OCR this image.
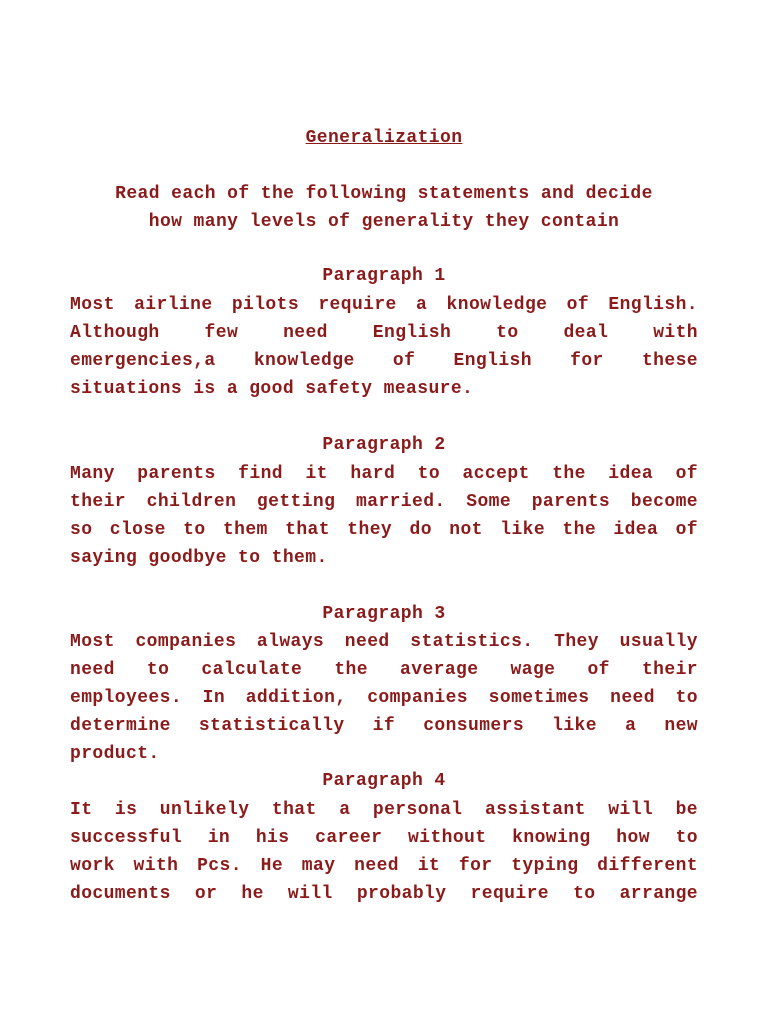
Generalization
Read each of the following statements and decide
how many levels of generality they contain
Paragraph 1
Most airline pilots require a knowledge of English.
Although few need English to deal with
emergencies,a knowledge of English for these
situations is a good safety measure.
Paragraph 2
Many parents find it hard to accept the idea of
their children getting married. Some parents become
so close to them that they do not like the idea of
saying goodbye to them.
Paragraph 3
Most companies always need statistics. They usually
need to calculate the average wage of their
employees. In addition, companies sometimes need to
determine statistically if consumers like a new
product.
Paragraph 4
It is unlikely that a personal assistant will be
successful in his career without knowing how to
work with Pcs. He may need it for typing different
documents or he will probably require to arrange
